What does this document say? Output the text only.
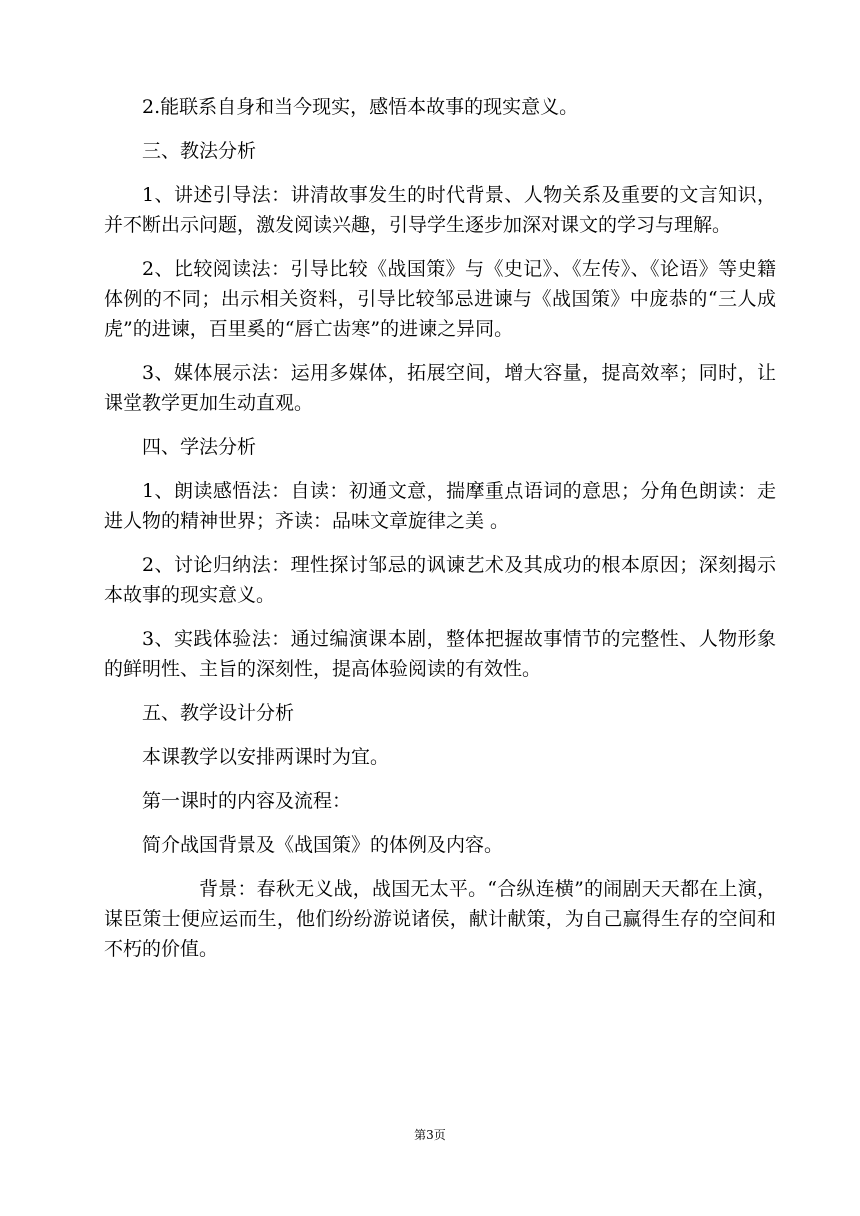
2.能联系自身和当今现实，感悟本故事的现实意义。

三、教法分析

1、讲述引导法：讲清故事发生的时代背景、人物关系及重要的文言知识，并不断出示问题，激发阅读兴趣，引导学生逐步加深对课文的学习与理解。

2、比较阅读法：引导比较《战国策》与《史记》、《左传》、《论语》等史籍体例的不同；出示相关资料，引导比较邹忌进谏与《战国策》中庞恭的“三人成虎”的进谏，百里奚的“唇亡齿寒”的进谏之异同。

3、媒体展示法：运用多媒体，拓展空间，增大容量，提高效率；同时，让课堂教学更加生动直观。

四、学法分析

1、朗读感悟法：自读：初通文意，揣摩重点语词的意思；分角色朗读：走进人物的精神世界；齐读：品味文章旋律之美 。

2、讨论归纳法：理性探讨邹忌的讽谏艺术及其成功的根本原因；深刻揭示本故事的现实意义。

3、实践体验法：通过编演课本剧，整体把握故事情节的完整性、人物形象的鲜明性、主旨的深刻性，提高体验阅读的有效性。

五、教学设计分析

本课教学以安排两课时为宜。

第一课时的内容及流程：

简介战国背景及《战国策》的体例及内容。

背景：春秋无义战，战国无太平。“合纵连横”的闹剧天天都在上演，谋臣策士便应运而生，他们纷纷游说诸侯，献计献策，为自己赢得生存的空间和不朽的价值。

第3页
